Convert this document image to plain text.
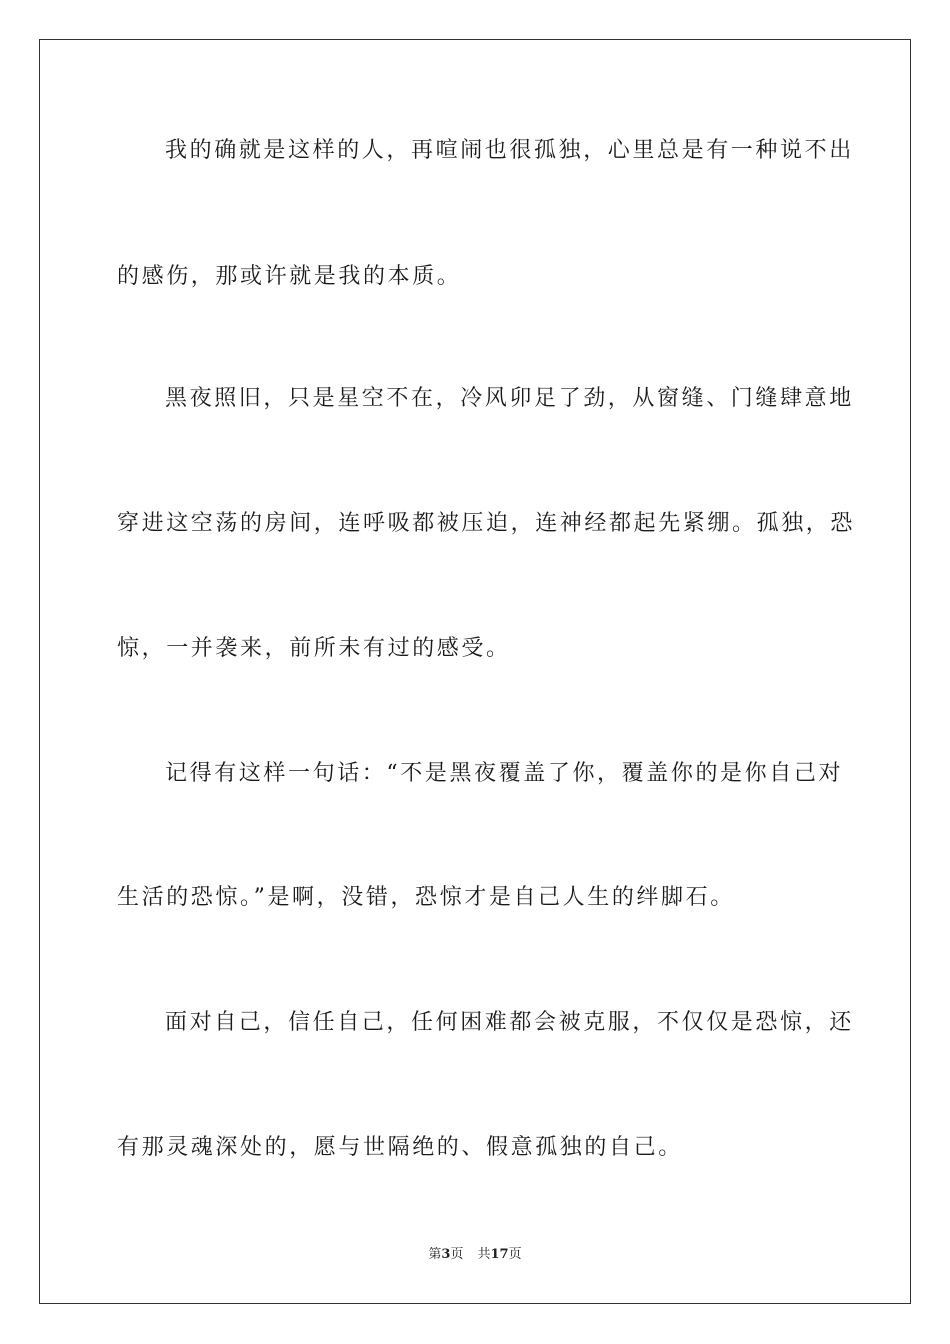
我的确就是这样的人，再喧闹也很孤独，心里总是有一种说不出
的感伤，那或许就是我的本质。
黑夜照旧，只是星空不在，冷风卯足了劲，从窗缝、门缝肆意地
穿进这空荡的房间，连呼吸都被压迫，连神经都起先紧绷。孤独，恐
惊，一并袭来，前所未有过的感受。
记得有这样一句话：“不是黑夜覆盖了你，覆盖你的是你自己对
生活的恐惊。”是啊，没错，恐惊才是自己人生的绊脚石。
面对自己，信任自己，任何困难都会被克服，不仅仅是恐惊，还
有那灵魂深处的，愿与世隔绝的、假意孤独的自己。
第3页 共17页
